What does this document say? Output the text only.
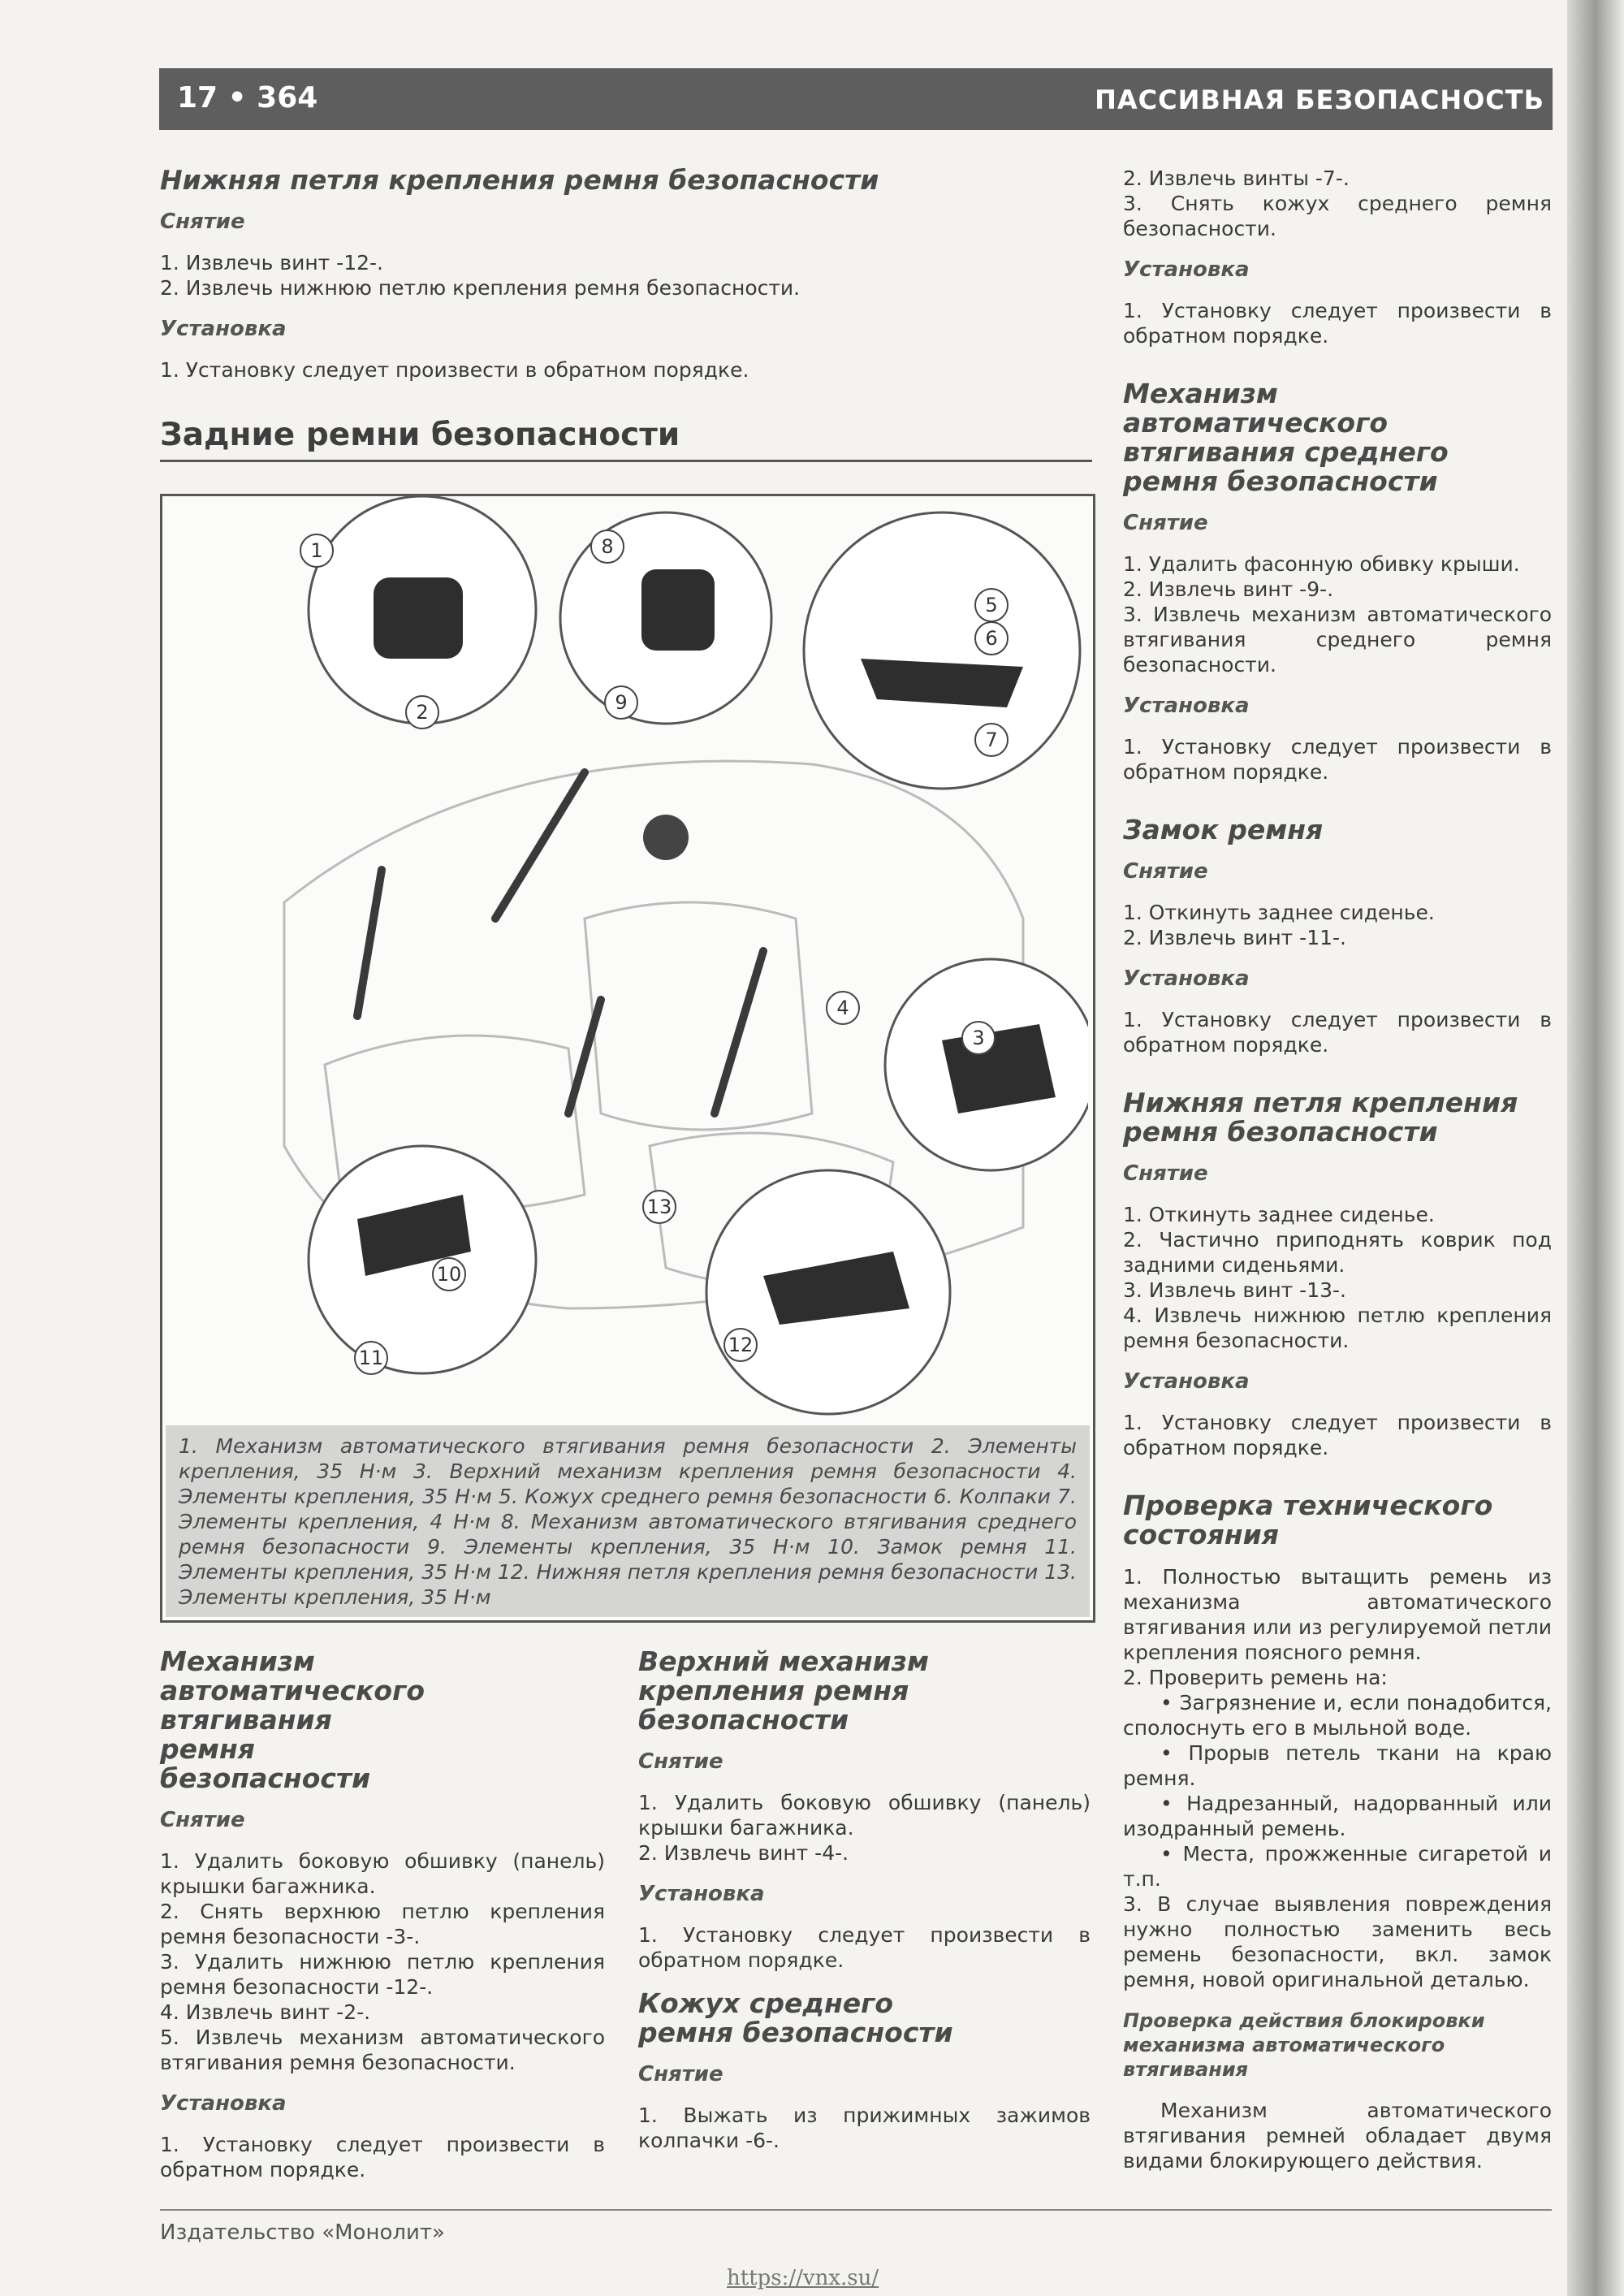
17 • 364	ПАССИВНАЯ БЕЗОПАСНОСТЬ
Нижняя петля крепления ремня безопасности
Снятие

1. Извлечь винт -12-.

2. Извлечь нижнюю петлю крепления ремня безопасности.

Установка

1. Установку следует произвести в обратном порядке.

Задние ремни безопасности
1
2
3
4
5
6
7
8
9
10
11
12
13
1. Механизм автоматического втягивания ремня безопасности 2. Элементы крепления, 35 Н·м 3. Верхний механизм крепления ремня безопасности 4. Элементы крепления, 35 Н·м 5. Кожух среднего ремня безопасности 6. Колпаки 7. Элементы крепления, 4 Н·м 8. Механизм автоматического втягивания среднего ремня безопасности 9. Элементы крепления, 35 Н·м 10. Замок ремня 11. Элементы крепления, 35 Н·м 12. Нижняя петля крепления ремня безопасности 13. Элементы крепления, 35 Н·м
Механизм автоматического втягивания ремня безопасности
Снятие

1. Удалить боковую обшивку (панель) крышки багажника.

2. Снять верхнюю петлю крепления ремня безопасности -3-.

3. Удалить нижнюю петлю крепления ремня безопасности -12-.

4. Извлечь винт -2-.

5. Извлечь механизм автоматического втягивания ремня безопасности.

Установка

1. Установку следует произвести в обратном порядке.

Верхний механизм крепления ремня безопасности
Снятие

1. Удалить боковую обшивку (панель) крышки багажника.

2. Извлечь винт -4-.

Установка

1. Установку следует произвести в обратном порядке.

Кожух среднего ремня безопасности
Снятие

1. Выжать из прижимных зажимов колпачки -6-.

2. Извлечь винты -7-.

3. Снять кожух среднего ремня безопасности.

Установка

1. Установку следует произвести в обратном порядке.

Механизм автоматического втягивания среднего ремня безопасности
Снятие

1. Удалить фасонную обивку крыши.

2. Извлечь винт -9-.

3. Извлечь механизм автоматического втягивания среднего ремня безопасности.

Установка

1. Установку следует произвести в обратном порядке.

Замок ремня
Снятие

1. Откинуть заднее сиденье.

2. Извлечь винт -11-.

Установка

1. Установку следует произвести в обратном порядке.

Нижняя петля крепления ремня безопасности
Снятие

1. Откинуть заднее сиденье.

2. Частично приподнять коврик под задними сиденьями.

3. Извлечь винт -13-.

4. Извлечь нижнюю петлю крепления ремня безопасности.

Установка

1. Установку следует произвести в обратном порядке.

Проверка технического состояния

1. Полностью вытащить ремень из механизма автоматического втягивания или из регулируемой петли крепления поясного ремня.

2. Проверить ремень на:

• Загрязнение и, если понадобится, сполоснуть его в мыльной воде.

• Прорыв петель ткани на краю ремня.

• Надрезанный, надорванный или изодранный ремень.

• Места, прожженные сигаретой и т.п.

3. В случае выявления повреждения нужно полностью заменить весь ремень безопасности, вкл. замок ремня, новой оригинальной деталью.

Проверка действия блокировки механизма автоматического втягивания

Механизм автоматического втягивания ремней обладает двумя видами блокирующего действия.

Издательство «Монолит»
https://vnx.su/
